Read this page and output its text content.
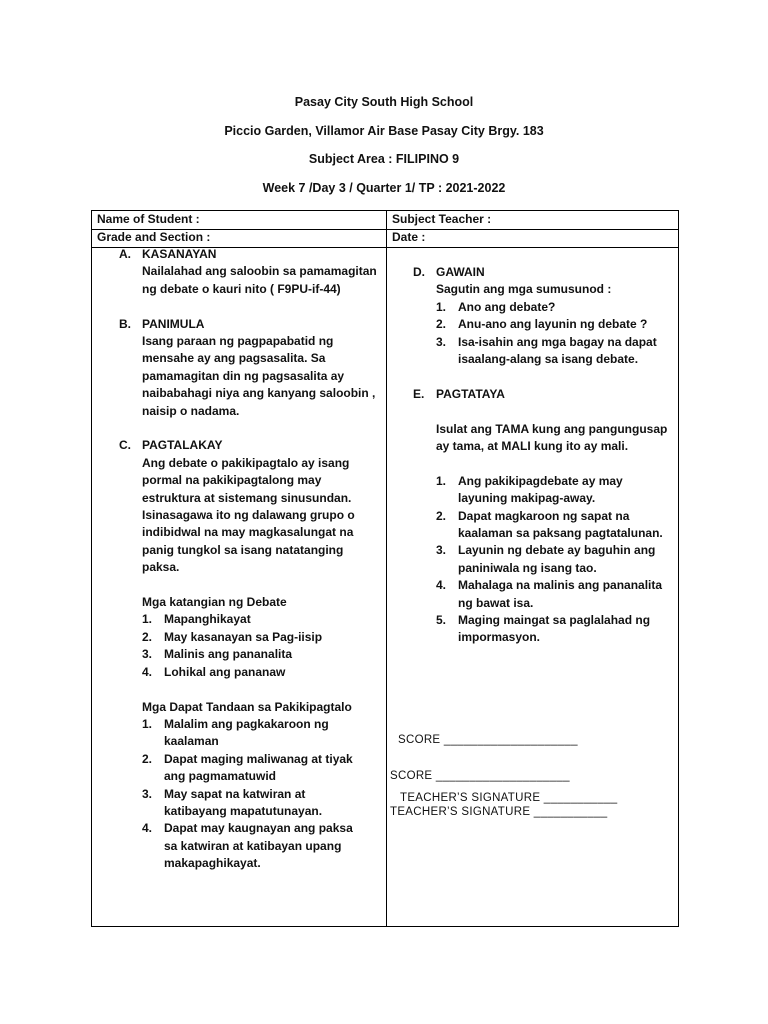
Pasay City South High School
Piccio Garden, Villamor Air Base Pasay City Brgy. 183
Subject Area : FILIPINO 9
Week 7 /Day 3 / Quarter 1/ TP : 2021-2022
Name of Student :	Subject Teacher :
Grade and Section :	Date :
A. KASANAYAN
Nailalahad ang saloobin sa pamamagitan
ng debate o kauri nito ( F9PU-if-44)
B. PANIMULA
Isang paraan ng pagpapabatid ng
mensahe ay ang pagsasalita. Sa
pamamagitan din ng pagsasalita ay
naibabahagi niya ang kanyang saloobin ,
naisip o nadama.
C. PAGTALAKAY
Ang debate o pakikipagtalo ay isang
pormal na pakikipagtalong may
estruktura at sistemang sinusundan.
Isinasagawa ito ng dalawang grupo o
indibidwal na may magkasalungat na
panig tungkol sa isang natatanging
paksa.
Mga katangian ng Debate
1. Mapanghikayat
2. May kasanayan sa Pag-iisip
3. Malinis ang pananalita
4. Lohikal ang pananaw
Mga Dapat Tandaan sa Pakikipagtalo
1. Malalim ang pagkakaroon ng
kaalaman
2. Dapat maging maliwanag at tiyak
ang pagmamatuwid
3. May sapat na katwiran at
katibayang mapatutunayan.
4. Dapat may kaugnayan ang paksa
sa katwiran at katibayan upang
makapaghikayat.
D. GAWAIN
Sagutin ang mga sumusunod :
1. Ano ang debate?
2. Anu-ano ang layunin ng debate ?
3. Isa-isahin ang mga bagay na dapat
isaalang-alang sa isang debate.
E. PAGTATAYA
Isulat ang TAMA kung ang pangungusap
ay tama, at MALI kung ito ay mali.
1. Ang pakikipagdebate ay may
layuning makipag-away.
2. Dapat magkaroon ng sapat na
kaalaman sa paksang pagtatalunan.
3. Layunin ng debate ay baguhin ang
paniniwala ng isang tao.
4. Mahalaga na malinis ang pananalita
ng bawat isa.
5. Maging maingat sa paglalahad ng
impormasyon.
SCORE ____________________
SCORE ____________________
TEACHER’S SIGNATURE ___________
TEACHER’S SIGNATURE ___________
